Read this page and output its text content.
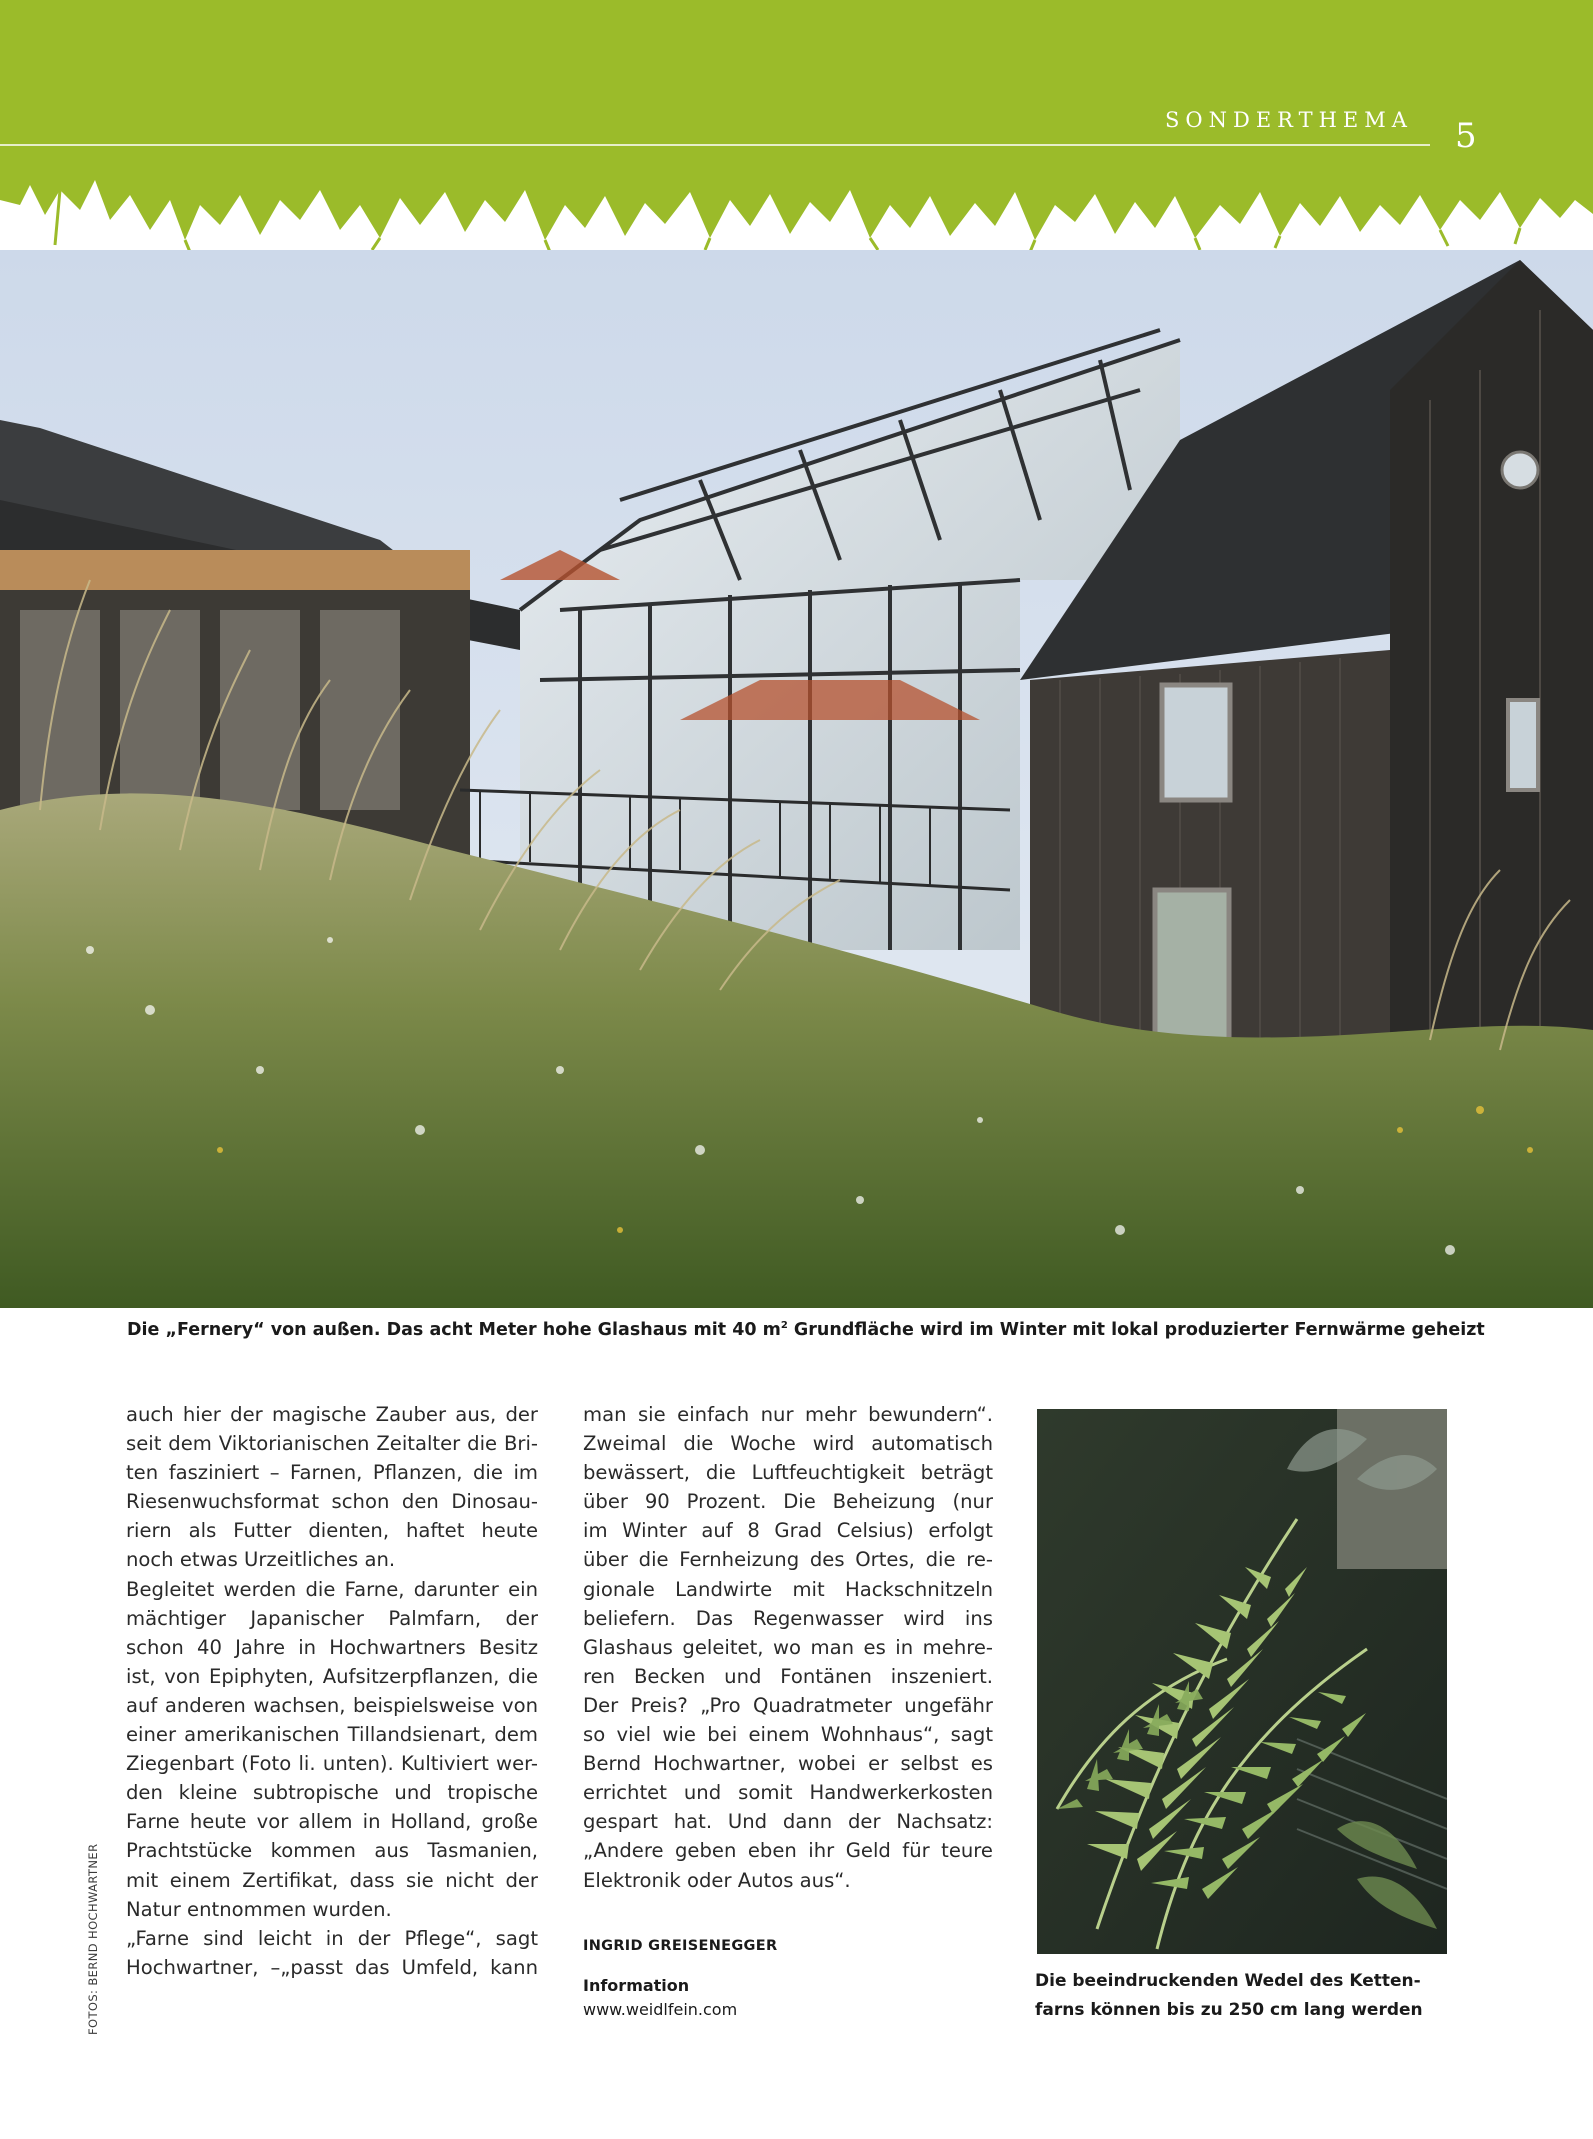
SONDERTHEMA 5
Die „Fernery“ von außen. Das acht Meter hohe Glashaus mit 40 $m^2$ Grundfläche wird im Winter mit lokal produzierter Fernwärme geheizt
auch hier der magische Zauber aus, der
seit dem Viktorianischen Zeitalter die Bri-
ten fasziniert – Farnen, Pflanzen, die im
Riesenwuchsformat schon den Dinosau-
riern als Futter dienten, haftet heute
noch etwas Urzeitliches an.
Begleitet werden die Farne, darunter ein
mächtiger Japanischer Palmfarn, der
schon 40 Jahre in Hochwartners Besitz
ist, von Epiphyten, Aufsitzerpflanzen, die
auf anderen wachsen, beispielsweise von
einer amerikanischen Tillandsienart, dem
Ziegenbart (Foto li. unten). Kultiviert wer-
den kleine subtropische und tropische
Farne heute vor allem in Holland, große
Prachtstücke kommen aus Tasmanien,
mit einem Zertifikat, dass sie nicht der
Natur entnommen wurden.
„Farne sind leicht in der Pflege“, sagt
Hochwartner, –„passt das Umfeld, kann
man sie einfach nur mehr bewundern“.
Zweimal die Woche wird automatisch
bewässert, die Luftfeuchtigkeit beträgt
über 90 Prozent. Die Beheizung (nur
im Winter auf 8 Grad Celsius) erfolgt
über die Fernheizung des Ortes, die re-
gionale Landwirte mit Hackschnitzeln
beliefern. Das Regenwasser wird ins
Glashaus geleitet, wo man es in mehre-
ren Becken und Fontänen inszeniert.
Der Preis? „Pro Quadratmeter ungefähr
so viel wie bei einem Wohnhaus“, sagt
Bernd Hochwartner, wobei er selbst es
errichtet und somit Handwerkerkosten
gespart hat. Und dann der Nachsatz:
„Andere geben eben ihr Geld für teure
Elektronik oder Autos aus“.
INGRID GREISENEGGER
Information
www.weidlfein.com
FOTOS: BERND HOCHWARTNER	Die beeindruckenden Wedel des Ketten-
farns können bis zu 250 cm lang werden
